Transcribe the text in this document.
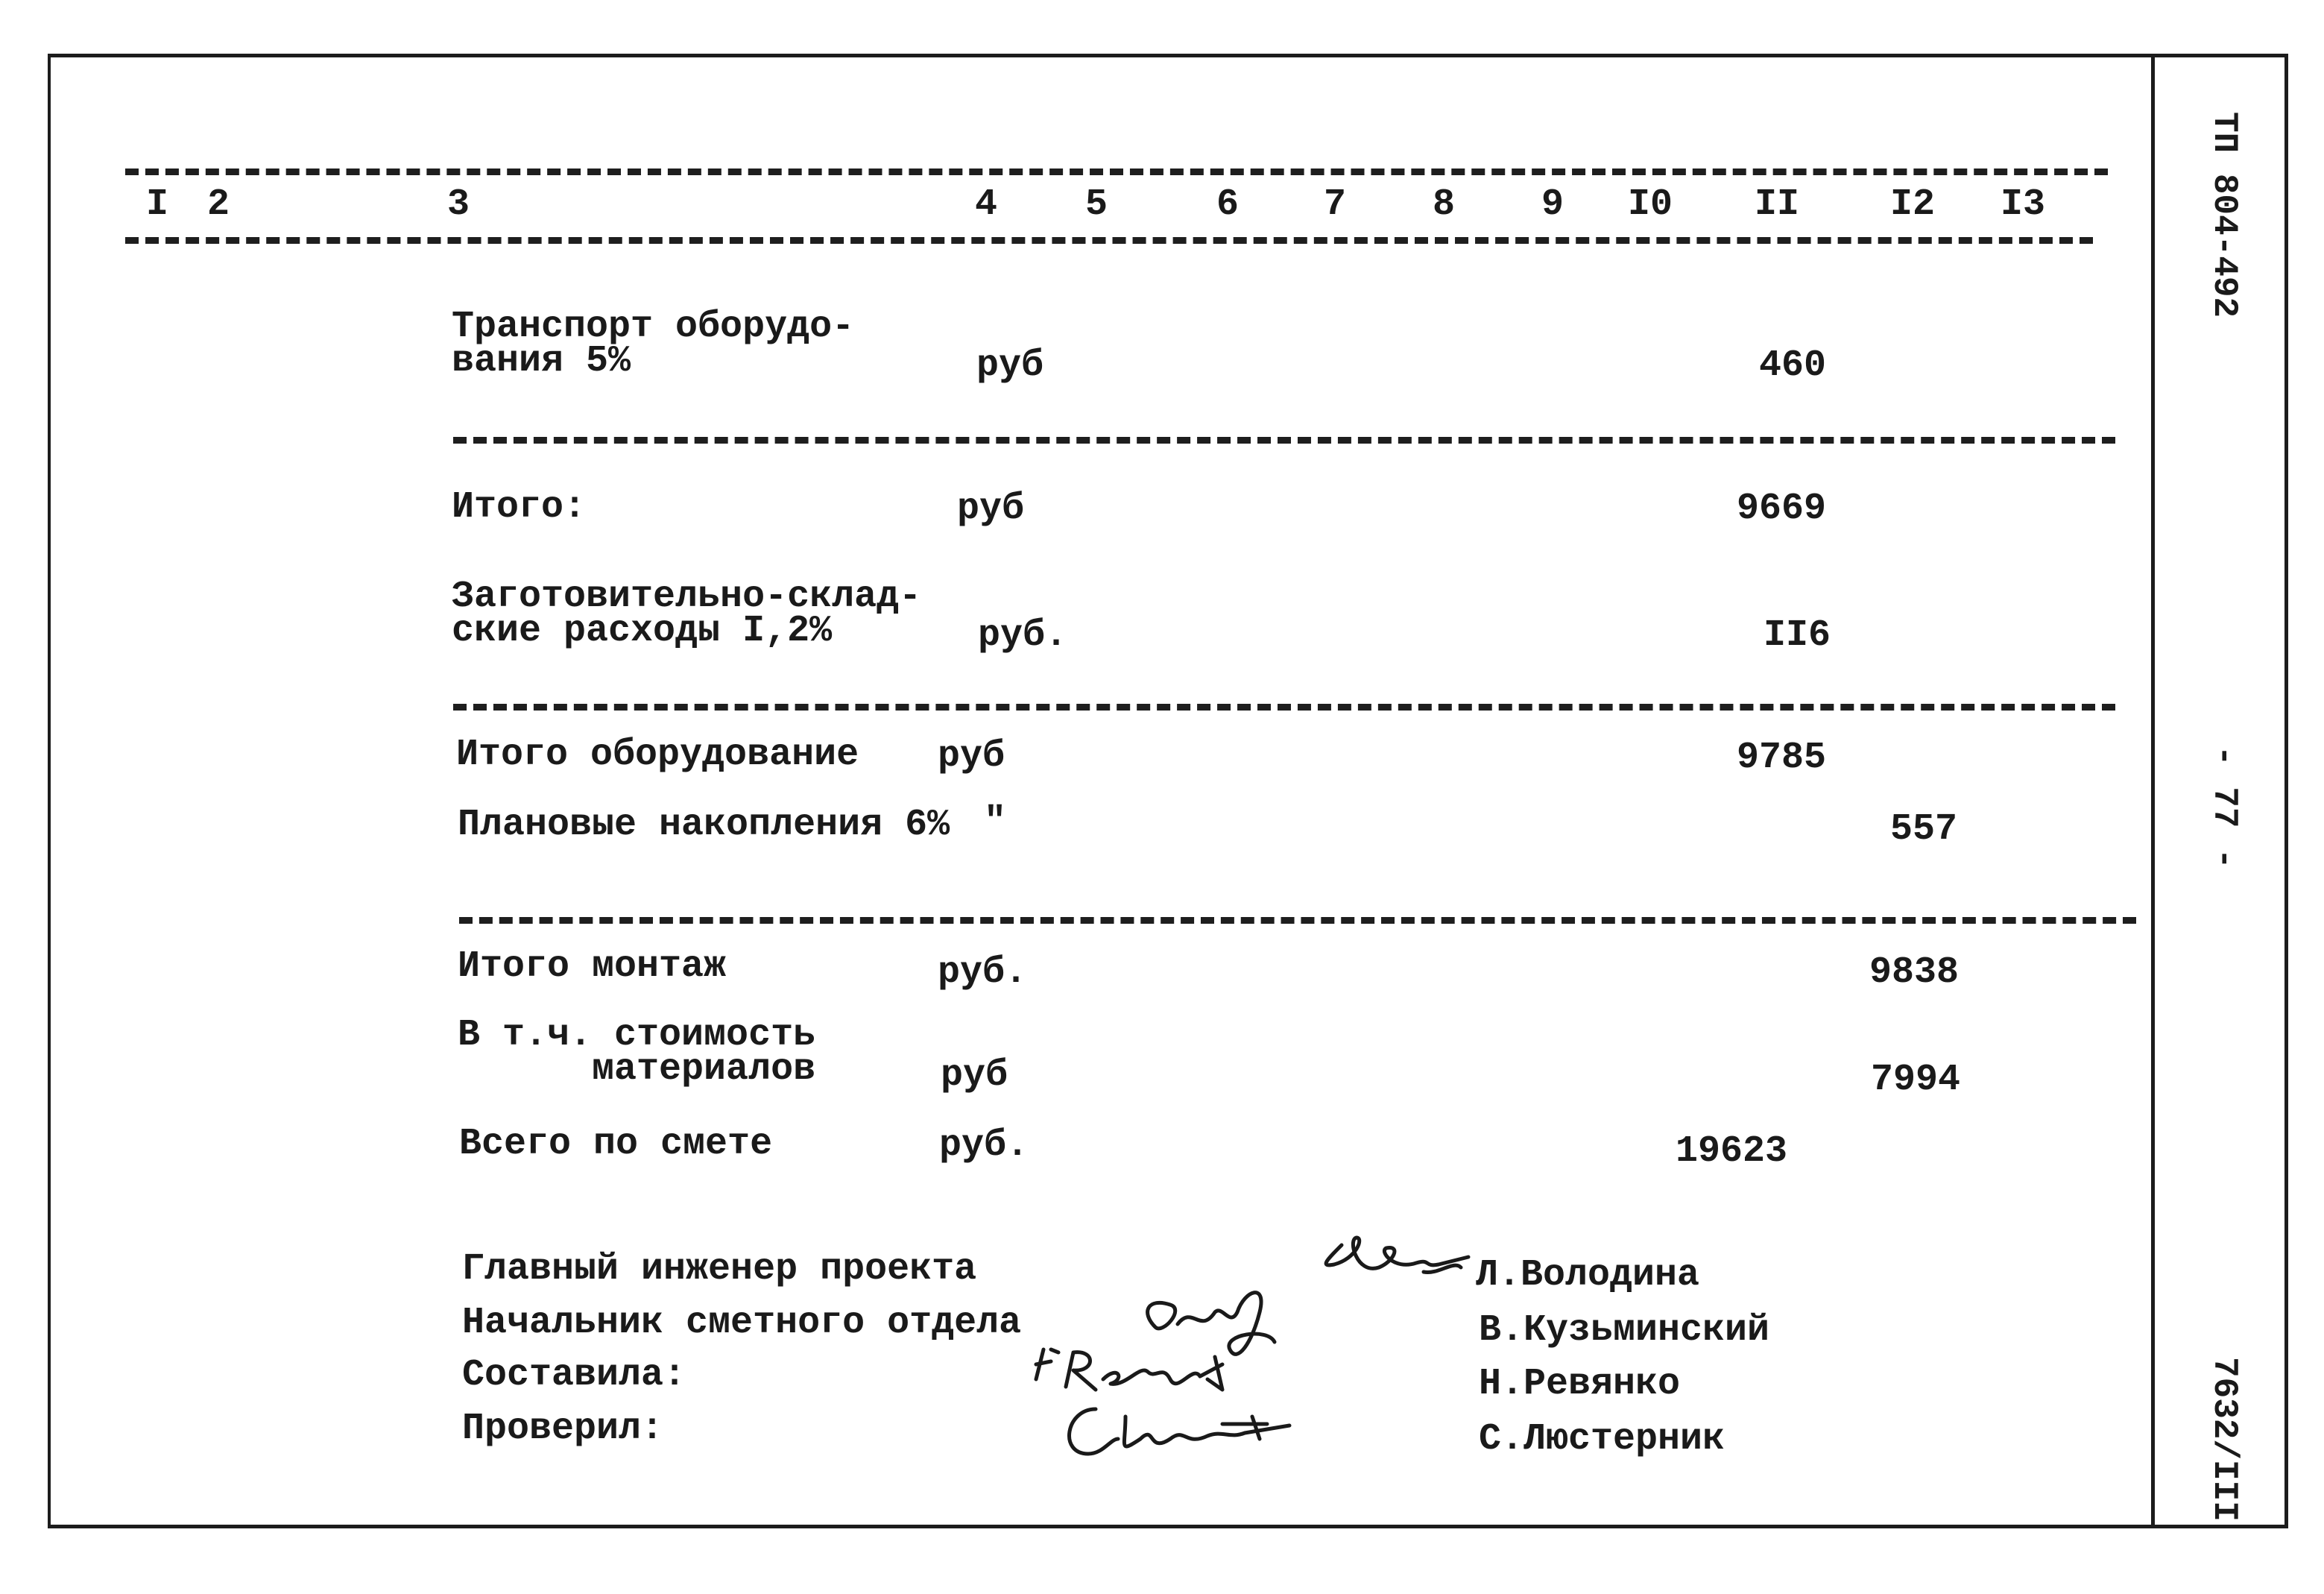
I 2	3	4 5	6 7 8 9 I0 II I2 I3
Транспорт оборудо-
вания 5%	руб	460
Итого:	руб	9669
Заготовительно-склад-
ские расходы I,2%	руб.	II6
Итого оборудование руб	9785
Плановые накопления 6% "	557
Итого монтаж	руб.	9838
В т.ч. стоимость
материалов	руб	7994
Всего по смете	руб.	19623
Главный инженер проекта	Л.Володина
Начальник сметного отдела	В.Кузьминский
Составила:	Н.Ревянко
Проверил:	С.Люстерник
ТП 804-492
- 77 -
7632/III
